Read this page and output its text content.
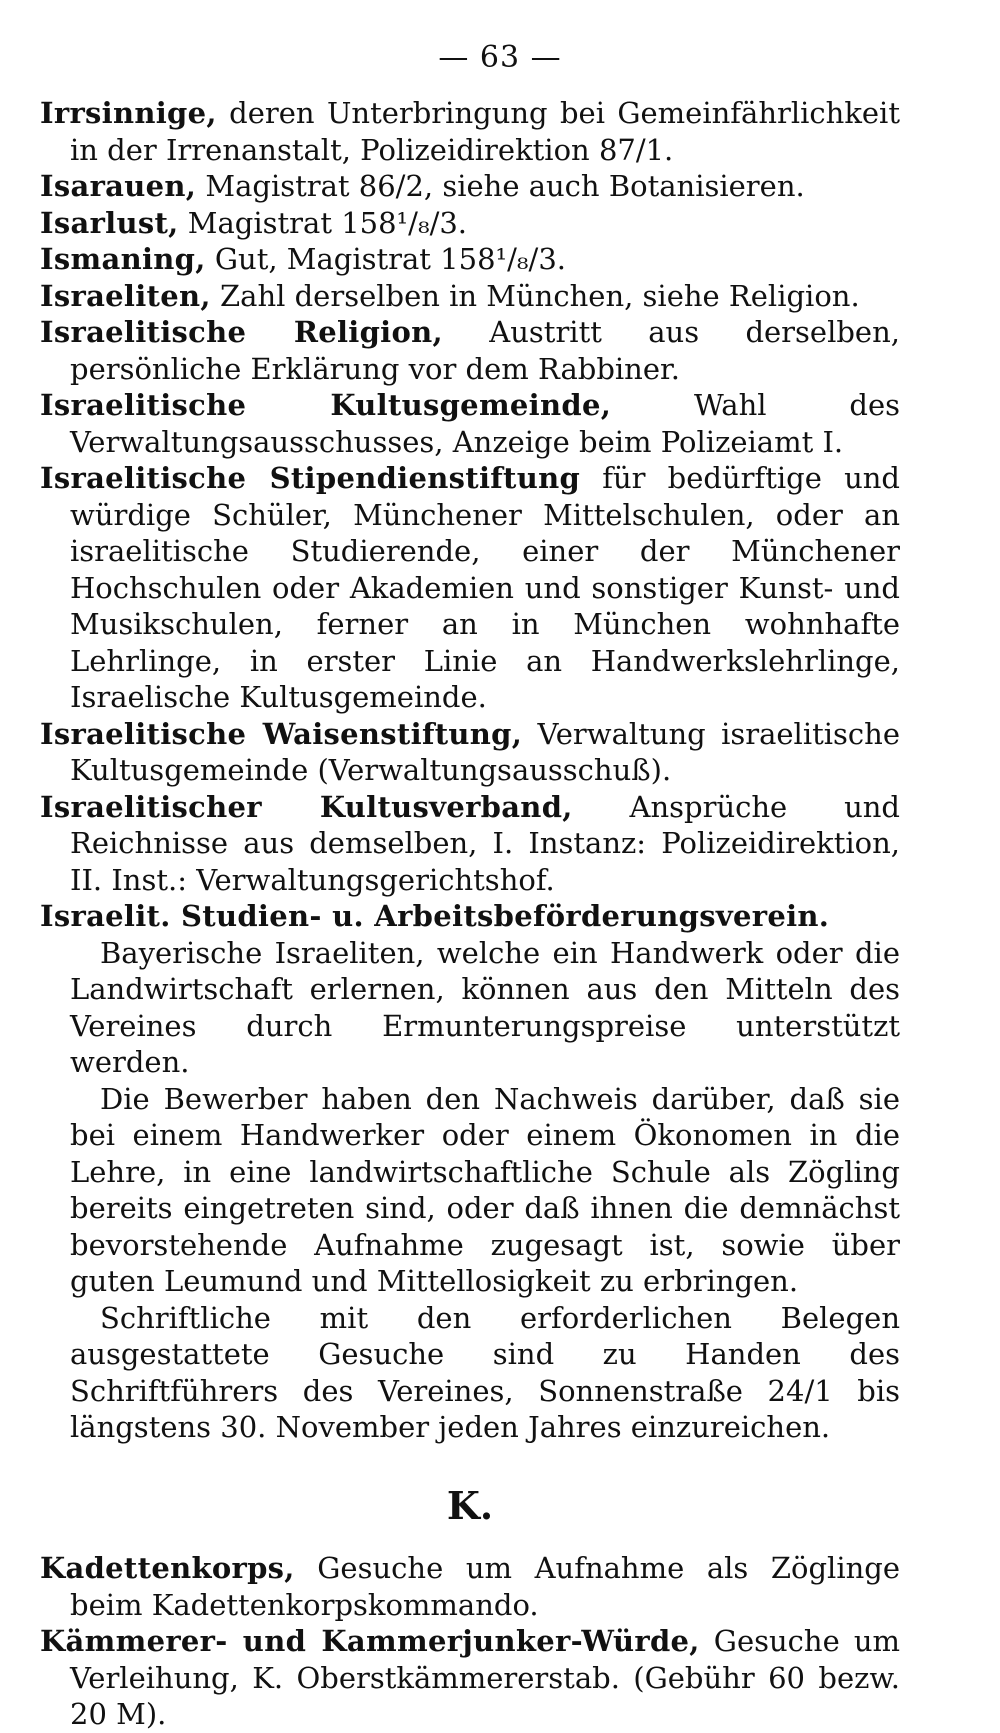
— 63 —

Irrsinnige, deren Unterbringung bei Gemeinfährlichkeit in der Irrenanstalt, Polizeidirektion 87/1.

Isarauen, Magistrat 86/2, siehe auch Botanisieren.

Isarlust, Magistrat 158¹/₈/3.

Ismaning, Gut, Magistrat 158¹/₈/3.

Israeliten, Zahl derselben in München, siehe Religion.

Israelitische Religion, Austritt aus derselben, persönliche Erklärung vor dem Rabbiner.

Israelitische Kultusgemeinde, Wahl des Verwaltungsausschusses, Anzeige beim Polizeiamt I.

Israelitische Stipendienstiftung für bedürftige und würdige Schüler, Münchener Mittelschulen, oder an israelitische Studierende, einer der Münchener Hochschulen oder Akademien und sonstiger Kunst- und Musikschulen, ferner an in München wohnhafte Lehrlinge, in erster Linie an Handwerkslehrlinge, Israelische Kultusgemeinde.

Israelitische Waisenstiftung, Verwaltung israelitische Kultusgemeinde (Verwaltungsausschuß).

Israelitischer Kultusverband, Ansprüche und Reichnisse aus demselben, I. Instanz: Polizeidirektion, II. Inst.: Verwaltungsgerichtshof.

Israelit. Studien- u. Arbeitsbeförderungsverein.

Bayerische Israeliten, welche ein Handwerk oder die Landwirtschaft erlernen, können aus den Mitteln des Vereines durch Ermunterungspreise unterstützt werden.

Die Bewerber haben den Nachweis darüber, daß sie bei einem Handwerker oder einem Ökonomen in die Lehre, in eine landwirtschaftliche Schule als Zögling bereits eingetreten sind, oder daß ihnen die demnächst bevorstehende Aufnahme zugesagt ist, sowie über guten Leumund und Mittellosigkeit zu erbringen.

Schriftliche mit den erforderlichen Belegen ausgestattete Gesuche sind zu Handen des Schriftführers des Vereines, Sonnenstraße 24/1 bis längstens 30. November jeden Jahres einzureichen.

K.

Kadettenkorps, Gesuche um Aufnahme als Zöglinge beim Kadettenkorpskommando.

Kämmerer- und Kammerjunker-Würde, Gesuche um Verleihung, K. Oberstkämmererstab. (Gebühr 60 bezw. 20 M).
